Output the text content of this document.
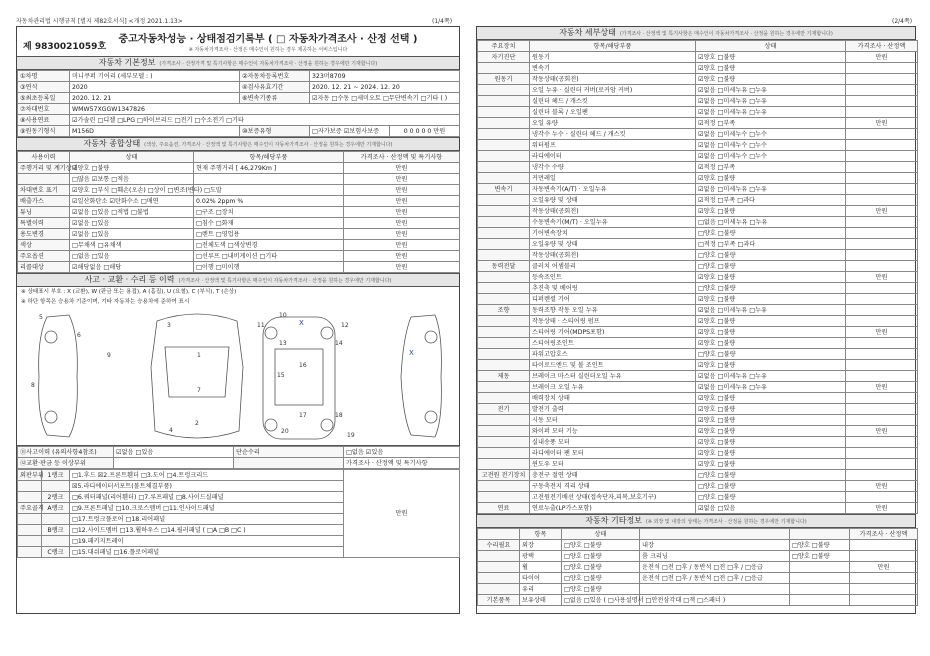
자동차관리법 시행규칙 [별지 제82호서식] <개정 2021.1.13>	(1/4쪽)	(2/4쪽)
제 9830021059호
중고자동차성능 · 상태점검기록부 ( □ 자동차가격조사 · 산정 선택 )
※ 자동차가격조사 · 산정은 매수인이 원하는 경우 제공하는 서비스입니다
자동차 기본정보 (가격조사 · 산정가격 및 특기사항은 매수인이 자동차가격조사 · 산정을 원하는 경우에만 기재합니다)
①차명	미니쿠퍼 기어리 (세부모델 : )	②자동차등록번호	323머8709	
③연식	2020	④검사유효기간	2020. 12. 21 ~ 2024. 12. 20	
⑤최초등록일	2020. 12. 21	⑥변속기종류	☑자동 □수동 □세미오토 □무단변속기 □기타 ( )	
⑦차대번호	WMW57XGGW1347826			
⑧사용연료	☑가솔린 □디젤 □LPG □하이브리드 □전기 □수소전기 □기타			
⑨원동기형식	M156D	⑩보증유형	□자가보증 ☑보험사보증	0 0 0 0 0 만원
자동차 종합상태 (색상, 주요옵션, 가격조사 · 산정액 및 특기사항은 매수인이 자동차가격조사 · 산정을 원하는 경우에만 기재합니다)
사용이력	상태	항목/해당부품	가격조사 · 산정액 및 특기사항
주행거리 및 계기상태	☑양호 □불량	현재 주행거리 [ 46,279Km ]	만원
	□많음 ☑보통 □적음		만원
차대번호 표기	☑양호 □부식 □훼손(오손) □상이 □변조(변타) □도말		만원
배출가스	☑일산화탄소 ☑탄화수소 □매연	0.02% 2ppm %	만원
튜닝	☑없음 □있음 □적법 □불법	□구조 □장치	만원
특별이력	☑없음 □있음	□침수 □화재	만원
용도변경	☑없음 □있음	□렌트 □영업용	만원
색상	□무채색 □유채색	□전체도색 □색상변경	만원
주요옵션	□없음 □있음	□선루프 □내비게이션 □기타	만원
리콜대상	☑해당없음 □해당	□이행 □미이행	만원
사고 · 교환 · 수리 등 이력 (가격조사 · 산정액 및 특기사항은 매수인이 자동차가격조사 · 산정을 원하는 경우에만 기재합니다)
※ 상태표시 부호 : X (교환), W (판금 또는 용접), A (흠집), U (요철), C (부식), T (손상)
※ 하단 항목은 승용차 기준이며, 기타 자동차는 승용차에 준하여 표시
1
2
3
4
5
6
7
8
9
10
11	12
13	14
15
16
17	18
19
20
X
X
⑪사고이력 (유의사항4참조)	☑없음 □있음	단순수리	□없음 ☑있음
⑫교환·판금 등 이상부위			가격조사 · 산정액 및 특기사항
외판부위	1랭크	□1.후드 ☒2.프론트휀더 □3.도어 □4.트렁크리드	만원
		☒5.라디에이터서포트(볼트체결부품)	
	2랭크	□6.쿼터패널(리어휀더) □7.루프패널 □8.사이드실패널	
주요골격	A랭크	□9.프론트패널 □10.크로스멤버 □11.인사이드패널	
		□17.트렁크플로어 □18.리어패널	
	B랭크	□12.사이드멤버 □13.휠하우스 □14.필러패널 ( □A □B □C )	
		□19.패키지트레이	
	C랭크	□15.대쉬패널 □16.플로어패널	
자동차 세부상태 (가격조사 · 산정액 및 특기사항은 매수인이 자동차가격조사 · 산정을 원하는 경우에만 기재합니다)
주요장치	항목/해당부품	상태	가격조사 · 산정액
자기진단	원동기	☑양호 □불량	만원
	변속기	☑양호 □불량	
원동기	작동상태(공회전)	☑양호 □불량	
	오일 누유 · 실린더 커버(로커암 커버)	☑없음 □미세누유 □누유	
	실린더 헤드 / 개스킷	☑없음 □미세누유 □누유	
	실린더 블록 / 오일팬	☑없음 □미세누유 □누유	
	오일 유량	☑적정 □부족	만원
	냉각수 누수 · 실린더 헤드 / 개스킷	☑없음 □미세누수 □누수	
	워터펌프	☑없음 □미세누수 □누수	
	라디에이터	☑없음 □미세누수 □누수	
	냉각수 수량	☑적정 □부족	
	커먼레일	☑양호 □불량	
변속기	자동변속기(A/T) · 오일누유	☑없음 □미세누유 □누유	
	오일유량 및 상태	☑적정 □부족 □과다	
	작동상태(공회전)	☑양호 □불량	만원
	수동변속기(M/T) · 오일누유	□없음 □미세누유 □누유	
	기어변속장치	□양호 □불량	
	오일유량 및 상태	□적정 □부족 □과다	
	작동상태(공회전)	□양호 □불량	
동력전달	클러치 어셈블리	□양호 □불량	
	등속조인트	☑양호 □불량	만원
	추진축 및 베어링	□양호 □불량	
	디퍼렌셜 기어	☑양호 □불량	
조향	동력조향 작동 오일 누유	☑없음 □미세누유 □누유	
	작동상태 · 스티어링 펌프	☑양호 □불량	
	스티어링 기어(MDPS포함)	☑양호 □불량	만원
	스티어링조인트	☑양호 □불량	
	파워고압호스	□양호 □불량	
	타이로드엔드 및 볼 조인트	☑양호 □불량	
제동	브레이크 마스터 실린더오일 누유	☑없음 □미세누유 □누유	
	브레이크 오일 누유	☑없음 □미세누유 □누유	만원
	배력장치 상태	☑양호 □불량	
전기	발전기 출력	☑양호 □불량	
	시동 모터	☑양호 □불량	
	와이퍼 모터 기능	☑양호 □불량	만원
	실내송풍 모터	☑양호 □불량	
	라디에이터 팬 모터	☑양호 □불량	
	윈도우 모터	☑양호 □불량	
고전원 전기장치	충전구 절연 상태	□양호 □불량	
	구동축전지 격리 상태	□양호 □불량	만원
	고전원전기배선 상태(접속단자,피복,보호기구)	□양호 □불량	
연료	연료누출(LP가스포함)	☑없음 □있음	만원
자동차 기타정보 (※ 외장 및 내장의 상태는 가격조사 · 산정을 원하는 경우에만 기재합니다)
	항목	상태			가격조사 · 산정액
수리필요	외장	□양호 □불량	내장	□양호 □불량	
	광택	□양호 □불량	룸 크리닝	□양호 □불량	
	휠	□양호 □불량	운전석 □전 □후 / 동반석 □전 □후 / □응급		만원
	타이어	□양호 □불량	운전석 □전 □후 / 동반석 □전 □후 / □응급		
	유리	□양호 □불량			
기본품목	보유상태	□없음 □있음 ( □사용설명서 □안전삼각대 □잭 □스패너 )			
